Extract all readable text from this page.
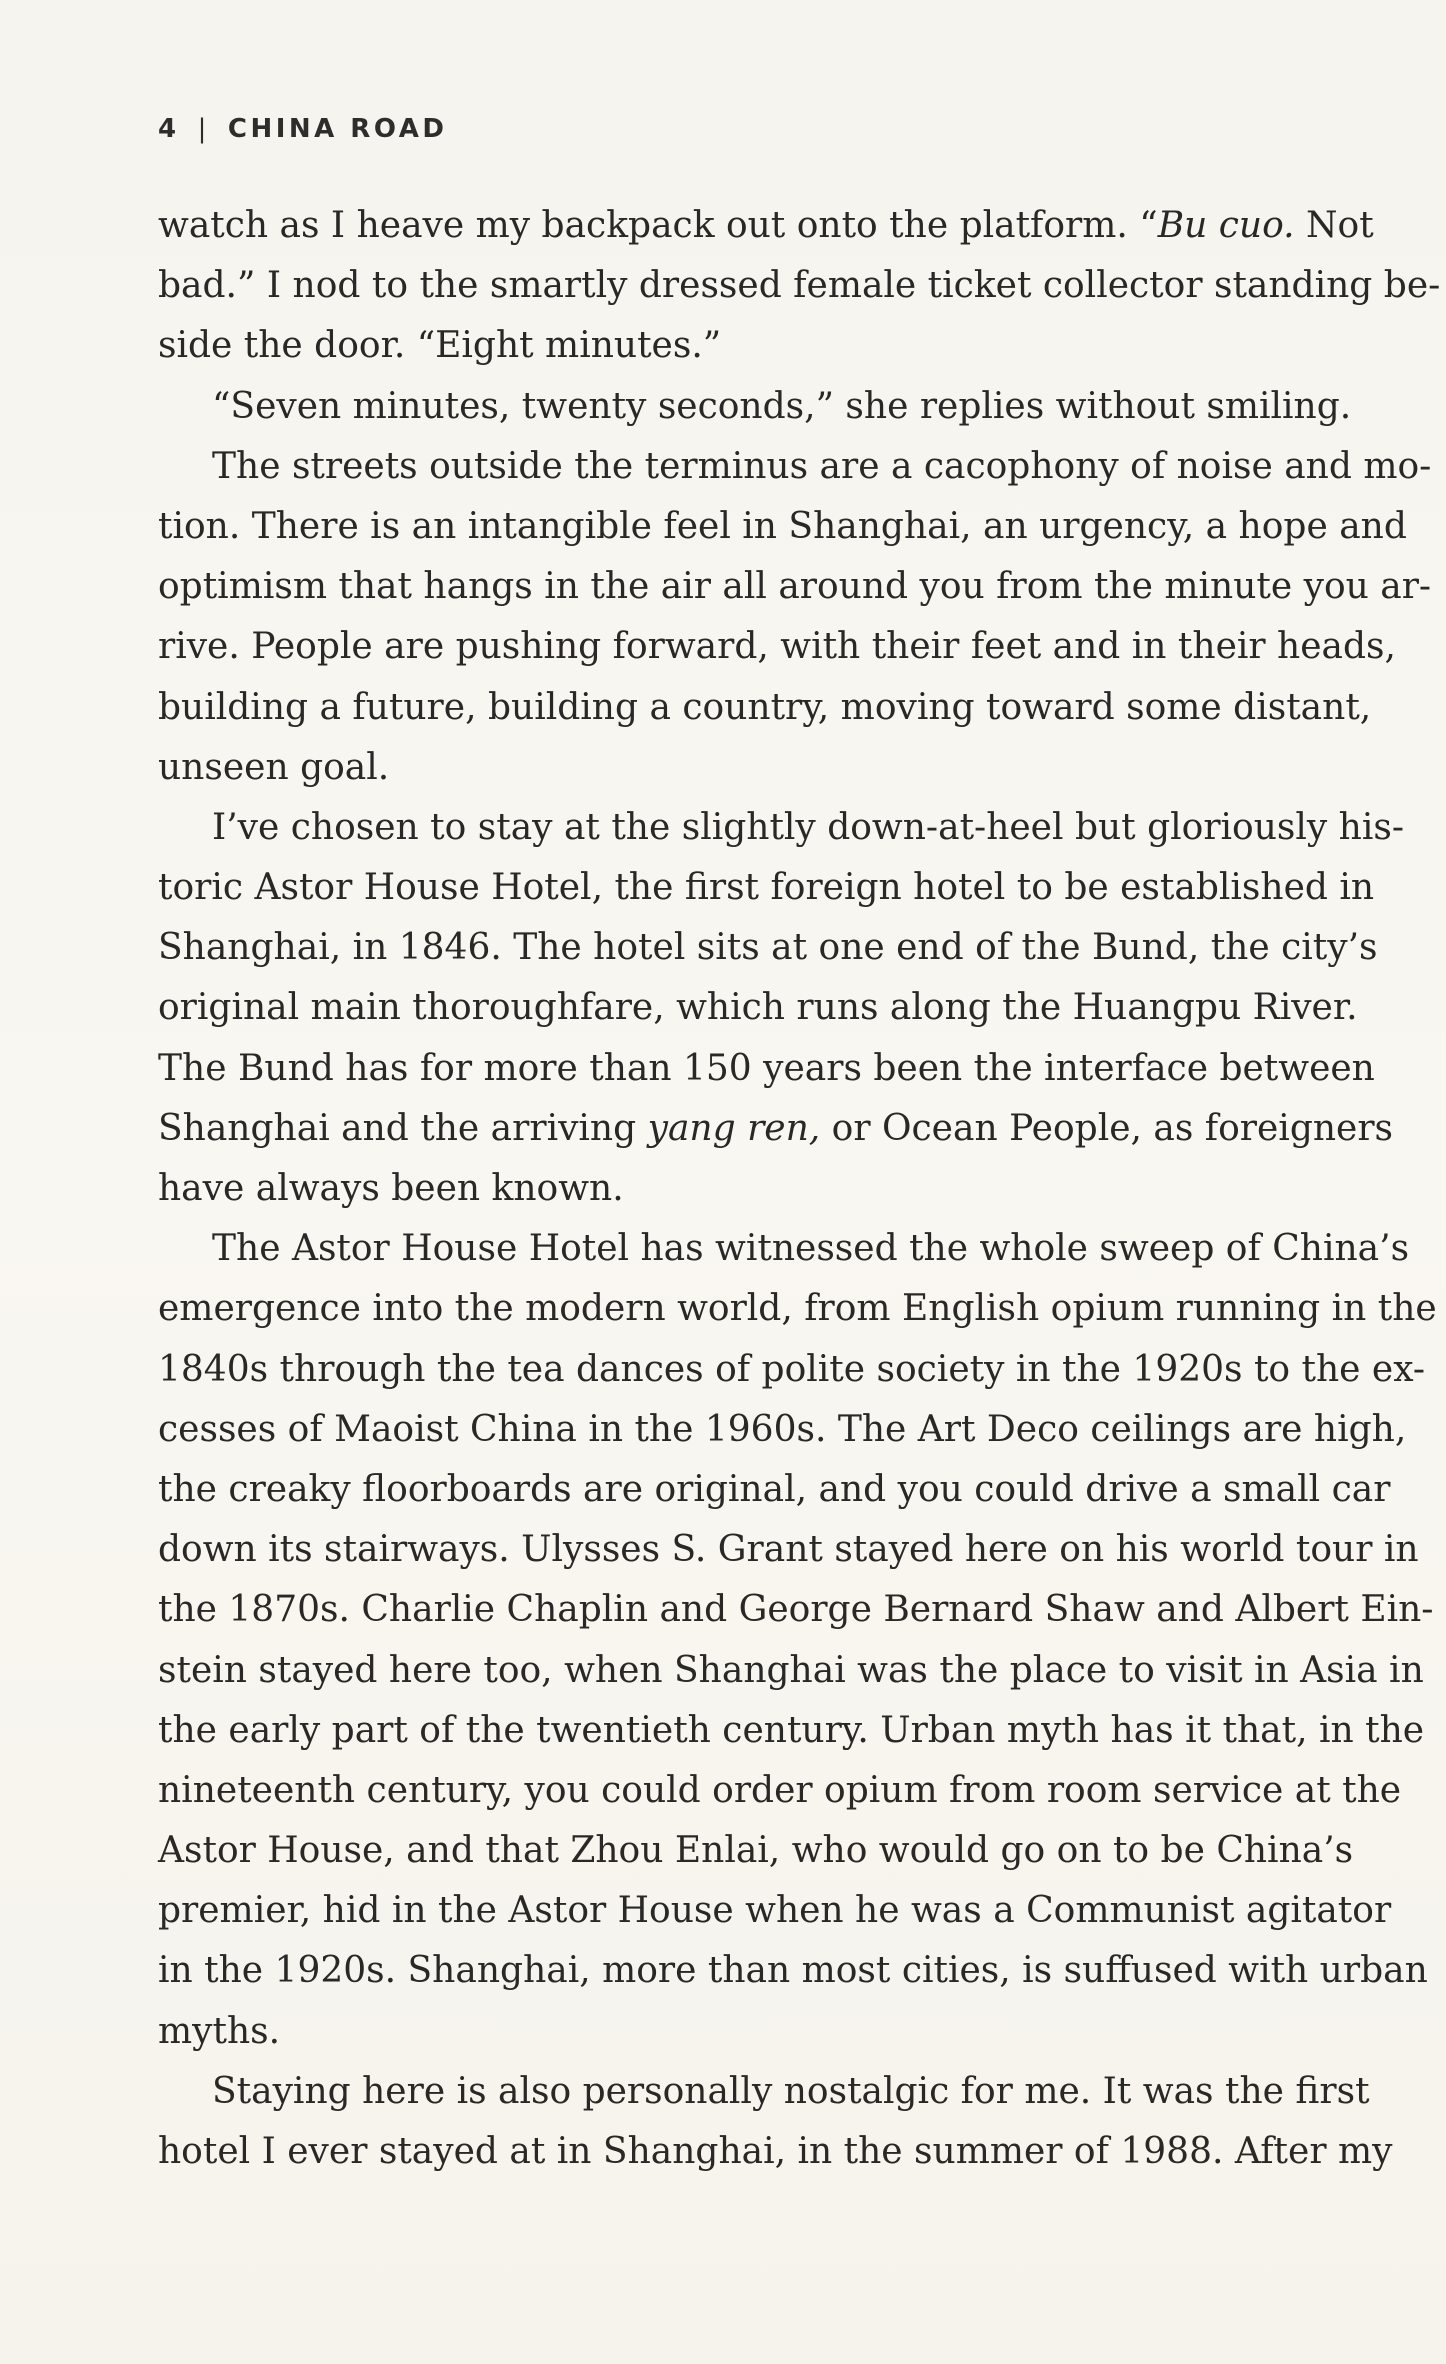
4 | CHINA ROAD
watch as I heave my backpack out onto the platform. “Bu cuo. Not
bad.” I nod to the smartly dressed female ticket collector standing be-
side the door. “Eight minutes.”
“Seven minutes, twenty seconds,” she replies without smiling.
The streets outside the terminus are a cacophony of noise and mo-
tion. There is an intangible feel in Shanghai, an urgency, a hope and
optimism that hangs in the air all around you from the minute you ar-
rive. People are pushing forward, with their feet and in their heads,
building a future, building a country, moving toward some distant,
unseen goal.
I’ve chosen to stay at the slightly down-at-heel but gloriously his-
toric Astor House Hotel, the first foreign hotel to be established in
Shanghai, in 1846. The hotel sits at one end of the Bund, the city’s
original main thoroughfare, which runs along the Huangpu River.
The Bund has for more than 150 years been the interface between
Shanghai and the arriving yang ren, or Ocean People, as foreigners
have always been known.
The Astor House Hotel has witnessed the whole sweep of China’s
emergence into the modern world, from English opium running in the
1840s through the tea dances of polite society in the 1920s to the ex-
cesses of Maoist China in the 1960s. The Art Deco ceilings are high,
the creaky floorboards are original, and you could drive a small car
down its stairways. Ulysses S. Grant stayed here on his world tour in
the 1870s. Charlie Chaplin and George Bernard Shaw and Albert Ein-
stein stayed here too, when Shanghai was the place to visit in Asia in
the early part of the twentieth century. Urban myth has it that, in the
nineteenth century, you could order opium from room service at the
Astor House, and that Zhou Enlai, who would go on to be China’s
premier, hid in the Astor House when he was a Communist agitator
in the 1920s. Shanghai, more than most cities, is suffused with urban
myths.
Staying here is also personally nostalgic for me. It was the first
hotel I ever stayed at in Shanghai, in the summer of 1988. After my
